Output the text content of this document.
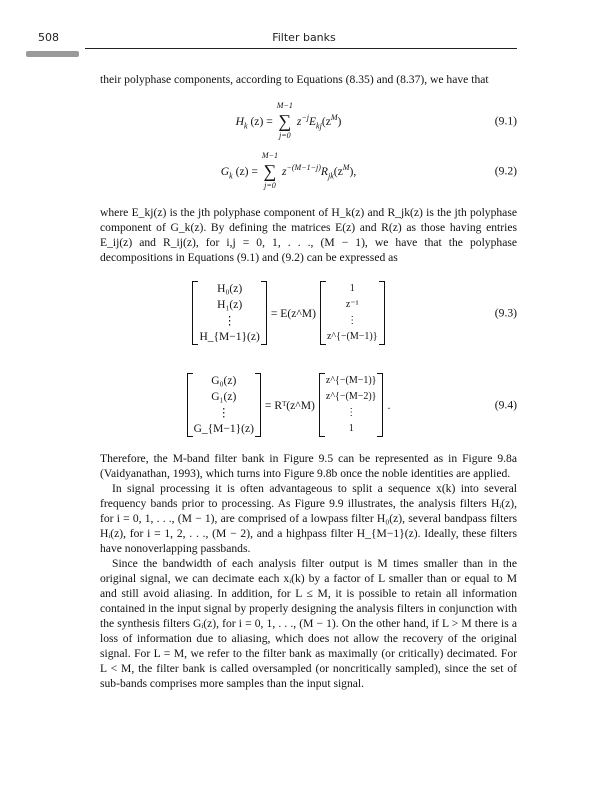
508	Filter banks

their polyphase components, according to Equations (8.35) and (8.37), we have that

$H_k$ (z) =
M−1
∑
j=0
$z^{-j}E_{kj}(z^M)$	(9.1)
$G_k$ (z) =
M−1
∑
j=0
$z^{-(M-1-j)}R_{jk}(z^M)$,	(9.2)

where E_kj(z) is the jth polyphase component of H_k(z) and R_jk(z) is the jth polyphase component of G_k(z). By defining the matrices E(z) and R(z) as those having entries E_ij(z) and R_ij(z), for i,j = 0, 1, . . ., (M − 1), we have that the polyphase decompositions in Equations (9.1) and (9.2) can be expressed as

H₀(z)
H₁(z)
⋮
H_{M−1}(z)
= E(z^M)
1
z⁻¹
⋮
z^{−(M−1)}
(9.3)
G₀(z)
G₁(z)
⋮
G_{M−1}(z)
= Rᵀ(z^M)
z^{−(M−1)}
z^{−(M−2)}
⋮
1
.	(9.4)

Therefore, the M-band filter bank in Figure 9.5 can be represented as in Figure 9.8a (Vaidyanathan, 1993), which turns into Figure 9.8b once the noble identities are applied.

In signal processing it is often advantageous to split a sequence x(k) into several frequency bands prior to processing. As Figure 9.9 illustrates, the analysis filters Hᵢ(z), for i = 0, 1, . . ., (M − 1), are comprised of a lowpass filter H₀(z), several bandpass filters Hᵢ(z), for i = 1, 2, . . ., (M − 2), and a highpass filter H_{M−1}(z). Ideally, these filters have nonoverlapping passbands.

Since the bandwidth of each analysis filter output is M times smaller than in the original signal, we can decimate each xᵢ(k) by a factor of L smaller than or equal to M and still avoid aliasing. In addition, for L ≤ M, it is possible to retain all information contained in the input signal by properly designing the analysis filters in conjunction with the synthesis filters Gᵢ(z), for i = 0, 1, . . ., (M − 1). On the other hand, if L > M there is a loss of information due to aliasing, which does not allow the recovery of the original signal. For L = M, we refer to the filter bank as maximally (or critically) decimated. For L < M, the filter bank is called oversampled (or noncritically sampled), since the set of sub-bands comprises more samples than the input signal.
